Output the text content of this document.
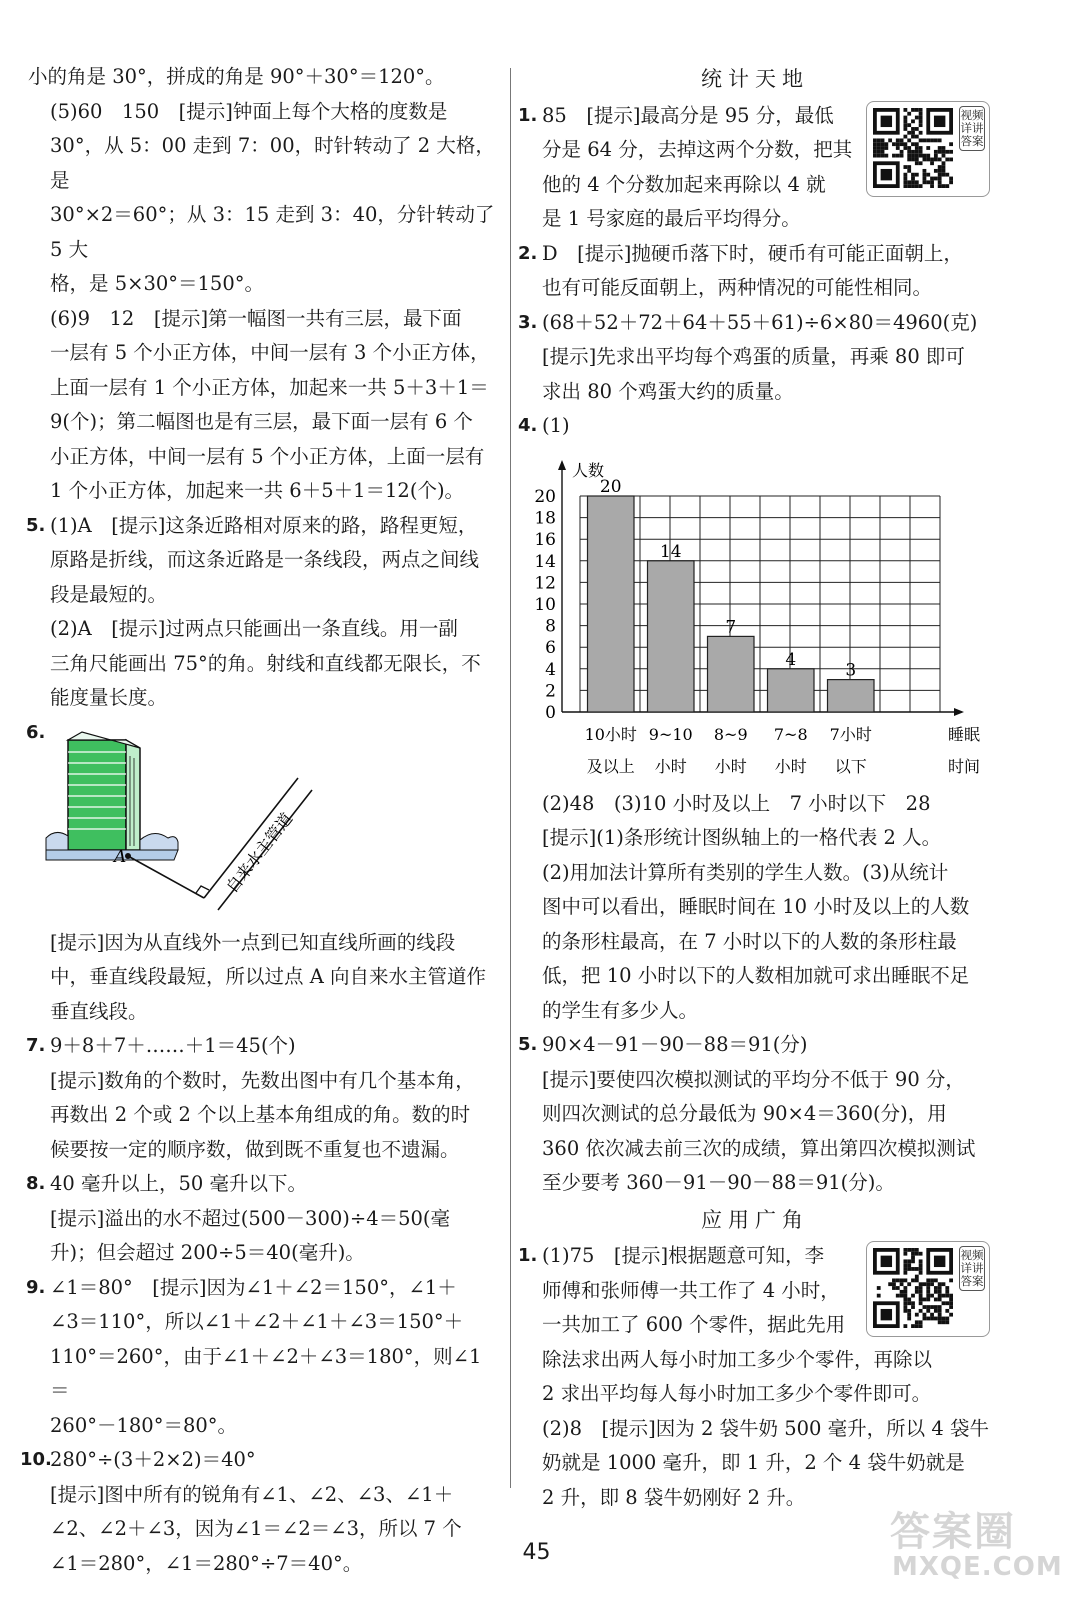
小的角是 30°，拼成的角是 90°＋30°＝120°。

(5)60　150　[提示]钟面上每个大格的度数是

30°，从 5：00 走到 7：00，时针转动了 2 大格，是

30°×2＝60°；从 3：15 走到 3：40，分针转动了 5 大

格，是 5×30°＝150°。

(6)9　12　[提示]第一幅图一共有三层，最下面

一层有 5 个小正方体，中间一层有 3 个小正方体，

上面一层有 1 个小正方体，加起来一共 5＋3＋1＝

9(个)；第二幅图也是有三层，最下面一层有 6 个

小正方体，中间一层有 5 个小正方体，上面一层有

1 个小正方体，加起来一共 6＋5＋1＝12(个)。

5. (1)A　[提示]这条近路相对原来的路，路程更短，

原路是折线，而这条近路是一条线段，两点之间线

段是最短的。

(2)A　[提示]过两点只能画出一条直线。用一副

三角尺能画出 75°的角。射线和直线都无限长，不

能度量长度。

6.
A	自来水主管道

[提示]因为从直线外一点到已知直线所画的线段

中，垂直线段最短，所以过点 A 向自来水主管道作

垂直线段。

7. 9＋8＋7＋……＋1＝45(个)

[提示]数角的个数时，先数出图中有几个基本角，

再数出 2 个或 2 个以上基本角组成的角。数的时

候要按一定的顺序数，做到既不重复也不遗漏。

8. 40 毫升以上，50 毫升以下。

[提示]溢出的水不超过(500－300)÷4＝50(毫

升)；但会超过 200÷5＝40(毫升)。

9. ∠1＝80°　[提示]因为∠1＋∠2＝150°，∠1＋

∠3＝110°，所以∠1＋∠2＋∠1＋∠3＝150°＋

110°＝260°，由于∠1＋∠2＋∠3＝180°，则∠1＝

260°－180°＝80°。

10.

280°÷(3＋2×2)＝40°

[提示]图中所有的锐角有∠1、∠2、∠3、∠1＋

∠2、∠2＋∠3，因为∠1＝∠2＝∠3，所以 7 个

∠1＝280°，∠1＝280°÷7＝40°。

统计天地
1. 85　[提示]最高分是 95 分，最低

分是 64 分，去掉这两个分数，把其

他的 4 个分数加起来再除以 4 就

是 1 号家庭的最后平均得分。

视频详讲答案
2. D　[提示]抛硬币落下时，硬币有可能正面朝上，

也有可能反面朝上，两种情况的可能性相同。

3. (68＋52＋72＋64＋55＋61)÷6×80＝4960(克)

[提示]先求出平均每个鸡蛋的质量，再乘 80 即可

求出 80 个鸡蛋大约的质量。

4. (1)
人数
0
2
4
6
8
10
12
14
16
18
20	20
10小时
及以上
14
9~10
小时
7
8~9
小时
4
7~8
小时
3
7小时
以下
睡眠
时间

(2)48　(3)10 小时及以上　7 小时以下　28

[提示](1)条形统计图纵轴上的一格代表 2 人。

(2)用加法计算所有类别的学生人数。(3)从统计

图中可以看出，睡眠时间在 10 小时及以上的人数

的条形柱最高，在 7 小时以下的人数的条形柱最

低，把 10 小时以下的人数相加就可求出睡眠不足

的学生有多少人。

5. 90×4－91－90－88＝91(分)

[提示]要使四次模拟测试的平均分不低于 90 分，

则四次测试的总分最低为 90×4＝360(分)，用

360 依次减去前三次的成绩，算出第四次模拟测试

至少要考 360－91－90－88＝91(分)。

应用广角
1. (1)75　[提示]根据题意可知，李

师傅和张师傅一共工作了 4 小时，

一共加工了 600 个零件，据此先用

除法求出两人每小时加工多少个零件，再除以

2 求出平均每人每小时加工多少个零件即可。

(2)8　[提示]因为 2 袋牛奶 500 毫升，所以 4 袋牛

奶就是 1000 毫升，即 1 升，2 个 4 袋牛奶就是

2 升，即 8 袋牛奶刚好 2 升。

视频详讲答案
45	答案圈
MXQE.COM
